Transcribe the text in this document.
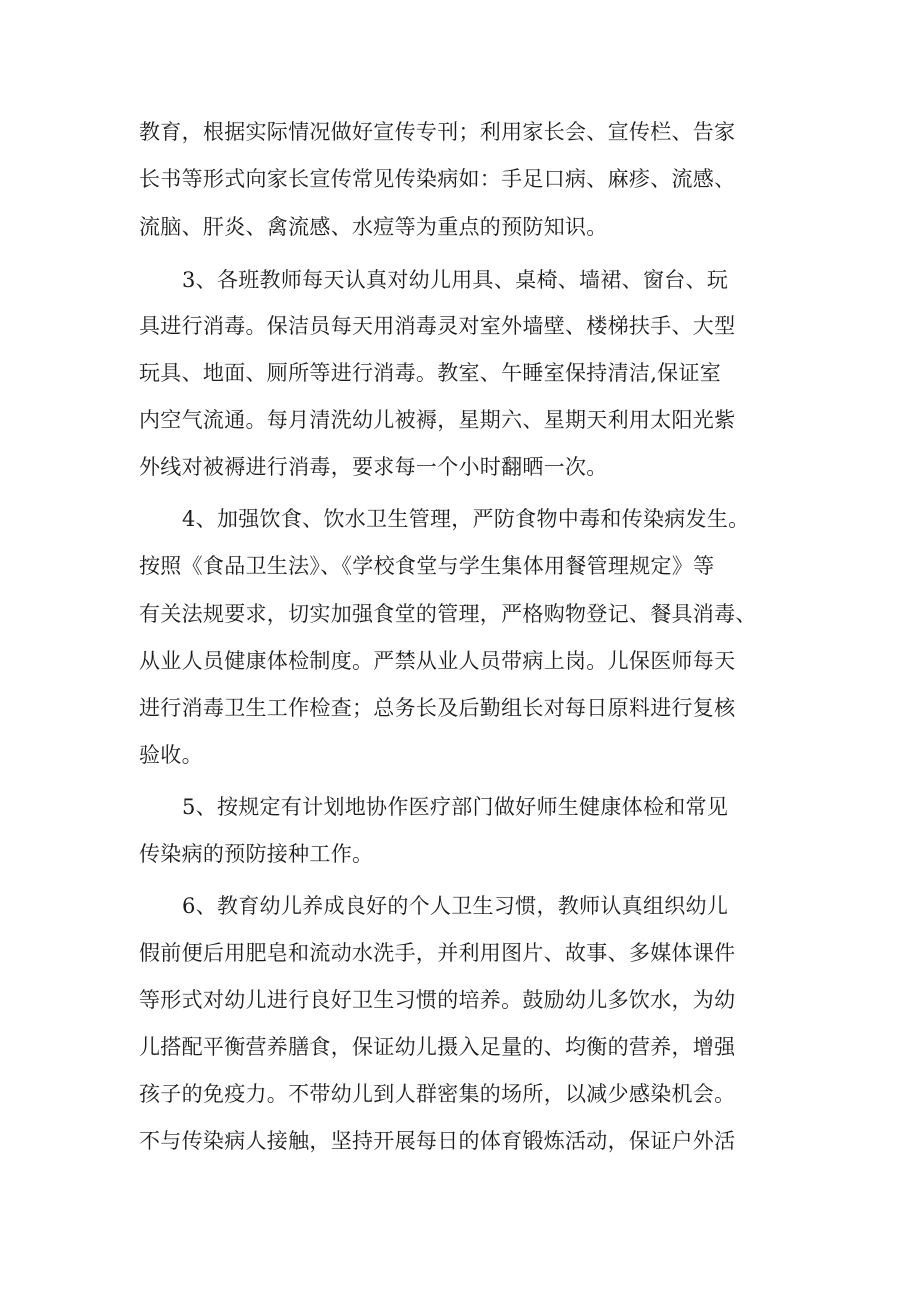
教育，根据实际情况做好宣传专刊；利用家长会、宣传栏、告家
长书等形式向家长宣传常见传染病如：手足口病、麻疹、流感、
流脑、肝炎、禽流感、水痘等为重点的预防知识。
3、各班教师每天认真对幼儿用具、桌椅、墙裙、窗台、玩
具进行消毒。保洁员每天用消毒灵对室外墙壁、楼梯扶手、大型
玩具、地面、厕所等进行消毒。教室、午睡室保持清洁,保证室
内空气流通。每月清洗幼儿被褥，星期六、星期天利用太阳光紫
外线对被褥进行消毒，要求每一个小时翻晒一次。
4、加强饮食、饮水卫生管理，严防食物中毒和传染病发生。
按照《食品卫生法》、《学校食堂与学生集体用餐管理规定》等
有关法规要求，切实加强食堂的管理，严格购物登记、餐具消毒、
从业人员健康体检制度。严禁从业人员带病上岗。儿保医师每天
进行消毒卫生工作检查；总务长及后勤组长对每日原料进行复核
验收。
5、按规定有计划地协作医疗部门做好师生健康体检和常见
传染病的预防接种工作。
6、教育幼儿养成良好的个人卫生习惯，教师认真组织幼儿
假前便后用肥皂和流动水洗手，并利用图片、故事、多媒体课件
等形式对幼儿进行良好卫生习惯的培养。鼓励幼儿多饮水，为幼
儿搭配平衡营养膳食，保证幼儿摄入足量的、均衡的营养，增强
孩子的免疫力。不带幼儿到人群密集的场所，以减少感染机会。
不与传染病人接触，坚持开展每日的体育锻炼活动，保证户外活
